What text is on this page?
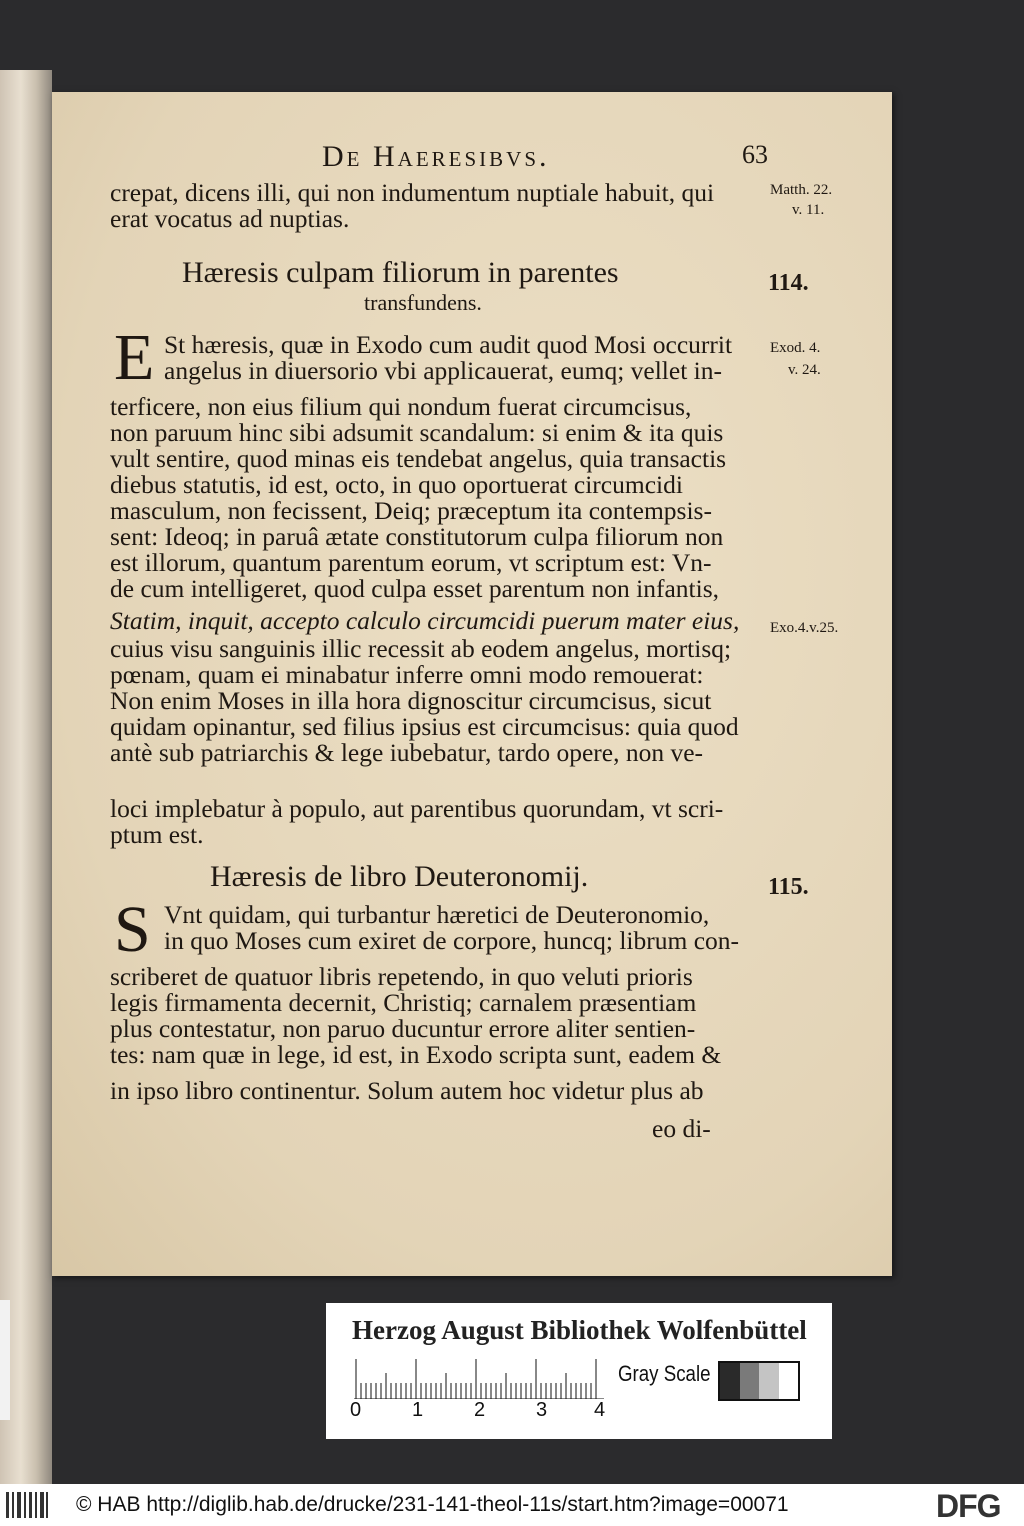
De Haeresibvs.	63
crepat, dicens illi, qui non indumentum nuptiale habuit, qui
erat vocatus ad nuptias.
Matth. 22.
v. 11.
Hæresis culpam filiorum in parentes
transfundens.
114.
E	Exod. 4.
v. 24.
St hæresis, quæ in Exodo cum audit quod Mosi occurrit
angelus in diuersorio vbi applicauerat, eumq; vellet in-
terficere, non eius filium qui nondum fuerat circumcisus,
non paruum hinc sibi adsumit scandalum: si enim & ita quis
vult sentire, quod minas eis tendebat angelus, quia transactis
diebus statutis, id est, octo, in quo oportuerat circumcidi
masculum, non fecissent, Deiq; præceptum ita contempsis-
sent: Ideoq; in paruâ ætate constitutorum culpa filiorum non
est illorum, quantum parentum eorum, vt scriptum est: Vn-
de cum intelligeret, quod culpa esset parentum non infantis,
Statim, inquit, accepto calculo circumcidi puerum mater eius,	Exo.4.v.25.
cuius visu sanguinis illic recessit ab eodem angelus, mortisq;
pœnam, quam ei minabatur inferre omni modo remouerat:
Non enim Moses in illa hora dignoscitur circumcisus, sicut
quidam opinantur, sed filius ipsius est circumcisus: quia quod
antè sub patriarchis & lege iubebatur, tardo opere, non ve-
loci implebatur à populo, aut parentibus quorundam, vt scri-
ptum est.
Hæresis de libro Deuteronomij.	115.
S Vnt quidam, qui turbantur hæretici de Deuteronomio,
in quo Moses cum exiret de corpore, huncq; librum con-
scriberet de quatuor libris repetendo, in quo veluti prioris
legis firmamenta decernit, Christiq; carnalem præsentiam
plus contestatur, non paruo ducuntur errore aliter sentien-
tes: nam quæ in lege, id est, in Exodo scripta sunt, eadem &
in ipso libro continentur. Solum autem hoc videtur plus ab
eo di-
Herzog August Bibliothek Wolfenbüttel
0	1	2	3 4
Gray Scale
© HAB http://diglib.hab.de/drucke/231-141-theol-11s/start.htm?image=00071	DFG
